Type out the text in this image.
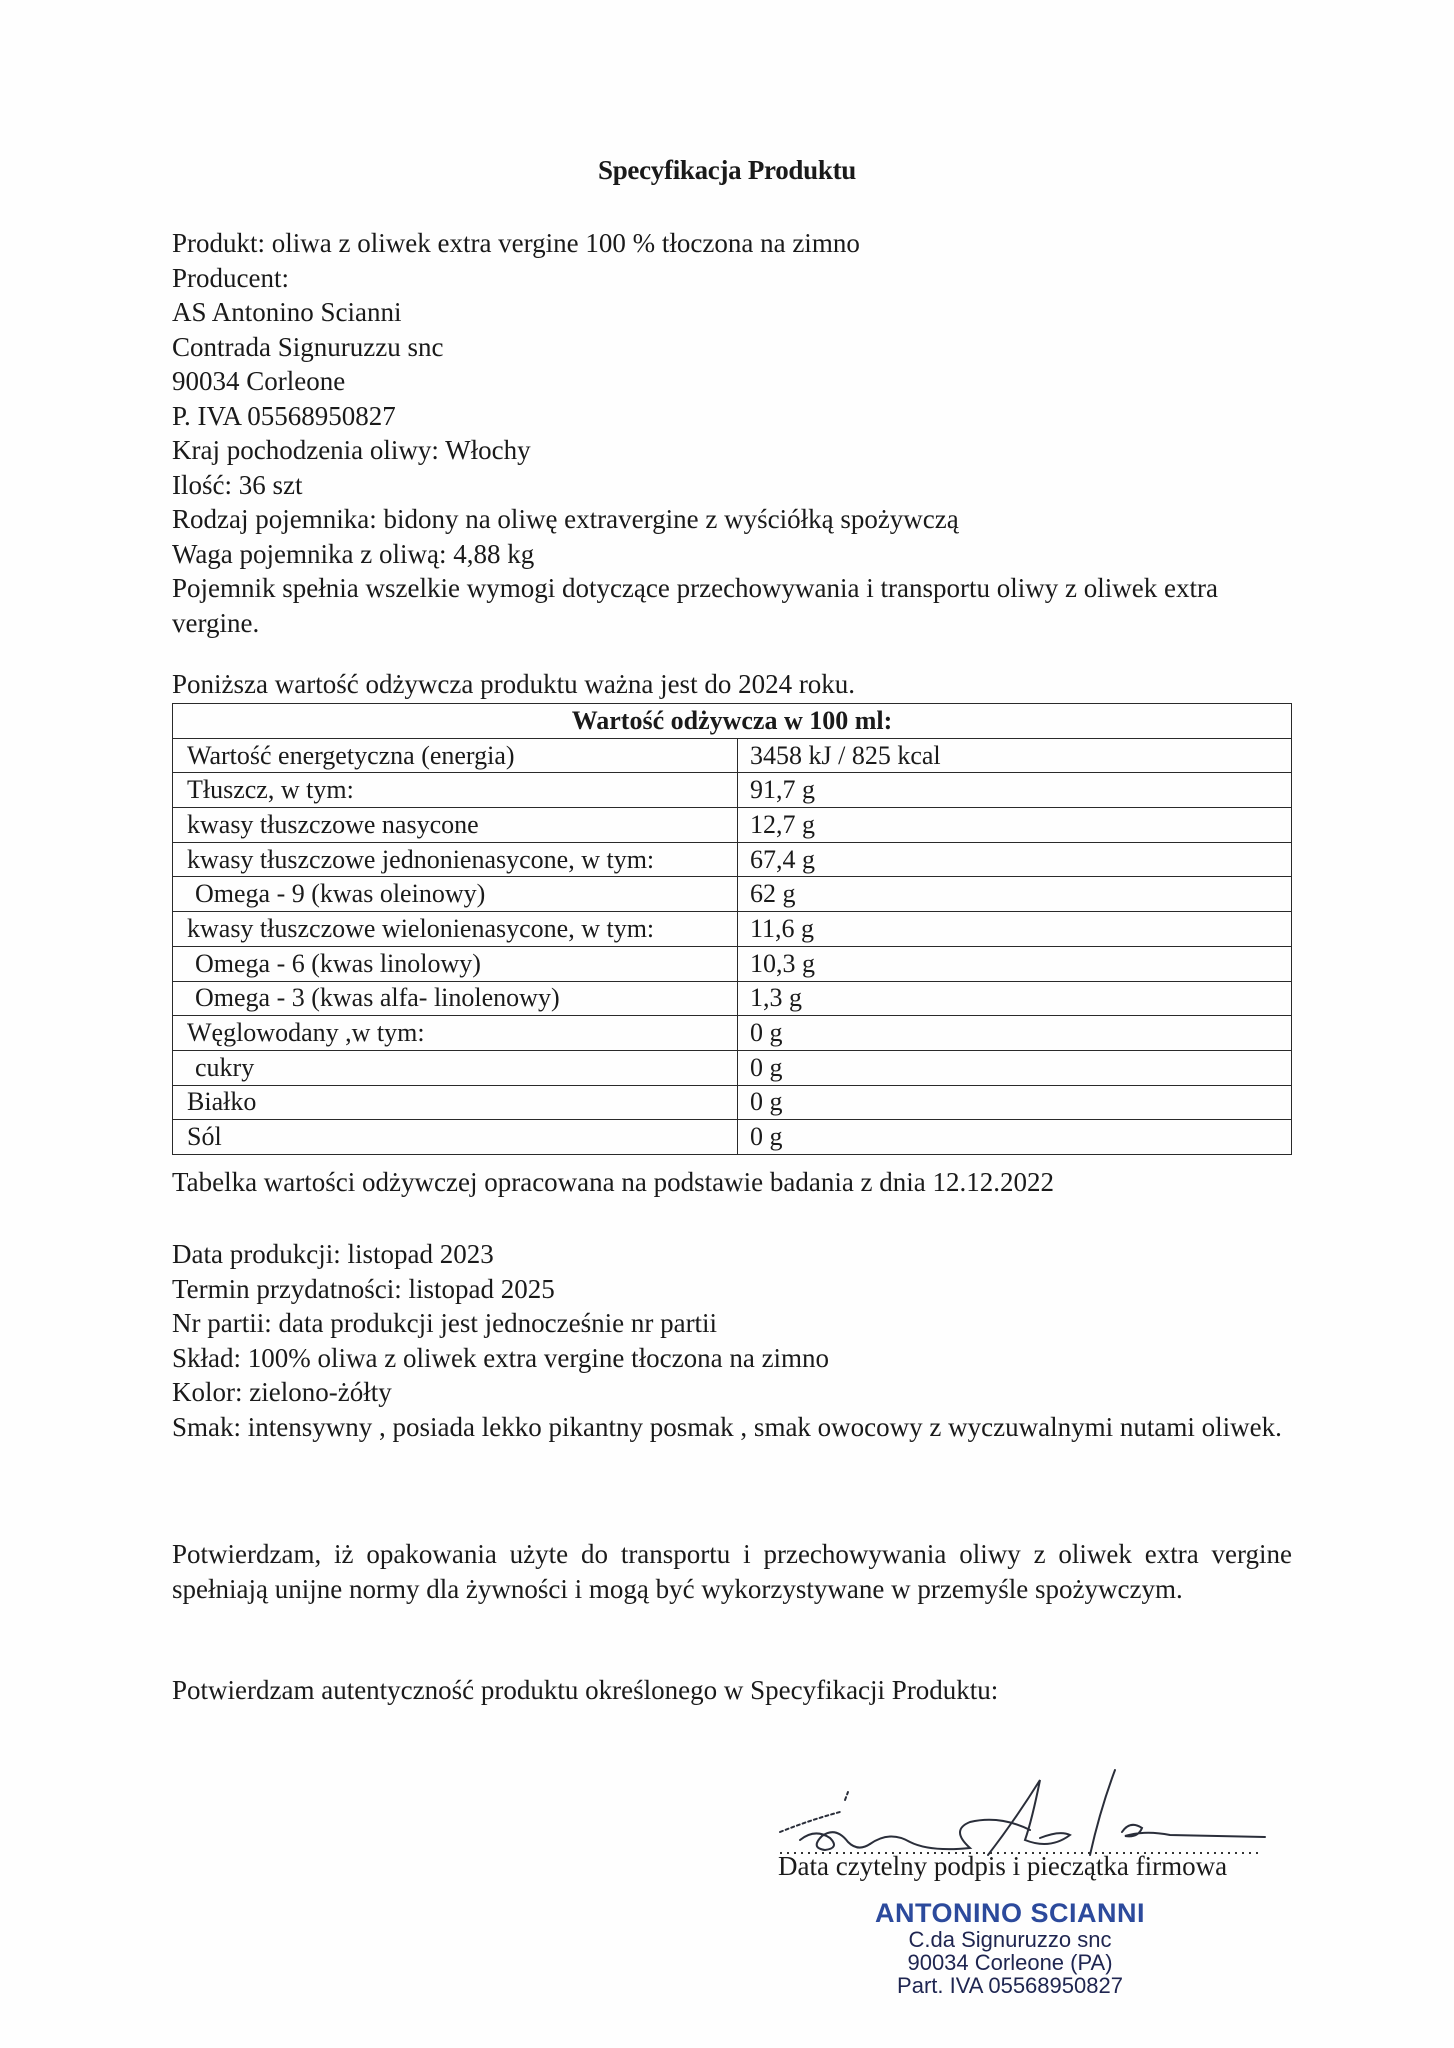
Specyfikacja Produktu
Produkt: oliwa z oliwek extra vergine 100 % tłoczona na zimno
Producent:
AS Antonino Scianni
Contrada Signuruzzu snc
90034 Corleone
P. IVA 05568950827
Kraj pochodzenia oliwy: Włochy
Ilość: 36 szt
Rodzaj pojemnika: bidony na oliwę extravergine z wyściółką spożywczą
Waga pojemnika z oliwą: 4,88 kg
Pojemnik spełnia wszelkie wymogi dotyczące przechowywania i transportu oliwy z oliwek extra vergine.
Poniższa wartość odżywcza produktu ważna jest do 2024 roku.
Wartość odżywcza w 100 ml:	
Wartość energetyczna (energia)	3458 kJ / 825 kcal
Tłuszcz, w tym:	91,7 g
kwasy tłuszczowe nasycone	12,7 g
kwasy tłuszczowe jednonienasycone, w tym:	67,4 g
Omega - 9 (kwas oleinowy)	62 g
kwasy tłuszczowe wielonienasycone, w tym:	11,6 g
Omega - 6 (kwas linolowy)	10,3 g
Omega - 3 (kwas alfa- linolenowy)	1,3 g
Węglowodany ,w tym:	0 g
cukry	0 g
Białko	0 g
Sól	0 g
Tabelka wartości odżywczej opracowana na podstawie badania z dnia 12.12.2022
Data produkcji: listopad 2023
Termin przydatności: listopad 2025
Nr partii: data produkcji jest jednocześnie nr partii
Skład: 100% oliwa z oliwek extra vergine tłoczona na zimno
Kolor: zielono-żółty
Smak: intensywny , posiada lekko pikantny posmak , smak owocowy z wyczuwalnymi nutami oliwek.
Potwierdzam, iż opakowania użyte do transportu i przechowywania oliwy z oliwek extra vergine spełniają unijne normy dla żywności i mogą być wykorzystywane w przemyśle spożywczym.
Potwierdzam autentyczność produktu określonego w Specyfikacji Produktu:
Data czytelny podpis i pieczątka firmowa
ANTONINO SCIANNI
C.da Signuruzzo snc
90034 Corleone (PA)
Part. IVA 05568950827
